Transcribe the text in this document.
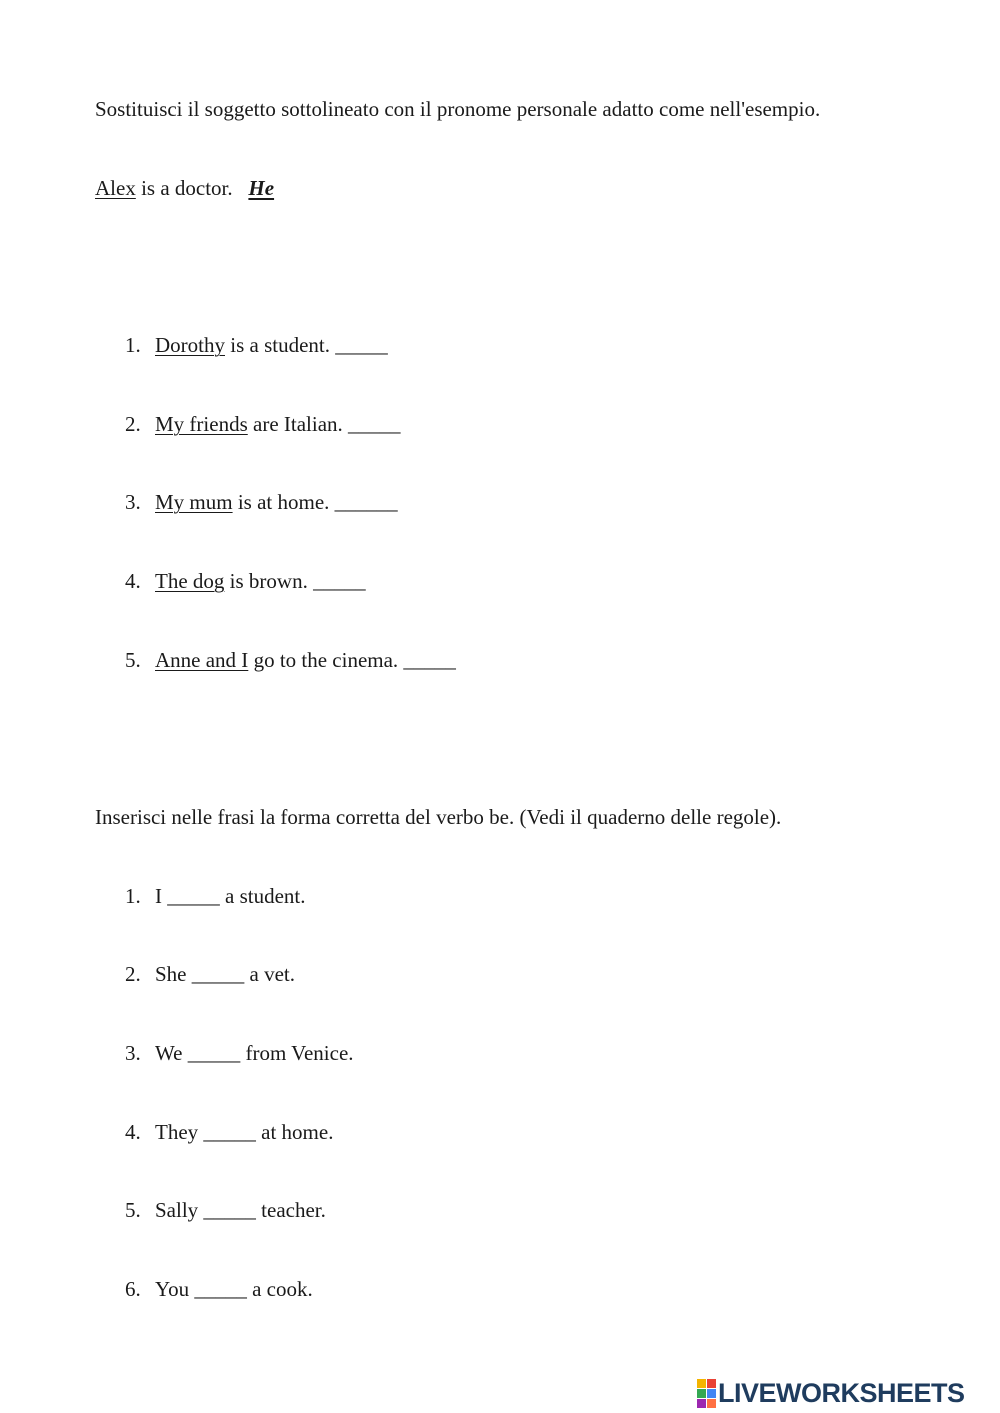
Sostituisci il soggetto sottolineato con il pronome personale adatto come nell'esempio.
Alex is a doctor. He
1. Dorothy is a student. _____
2. My friends are Italian. _____
3. My mum is at home. ______
4. The dog is brown. _____
5. Anne and I go to the cinema. _____
Inserisci nelle frasi la forma corretta del verbo be. (Vedi il quaderno delle regole).
1. I _____ a student.
2. She _____ a vet.
3. We _____ from Venice.
4. They _____ at home.
5. Sally _____ teacher.
6. You _____ a cook.
LIVEWORKSHEETS
